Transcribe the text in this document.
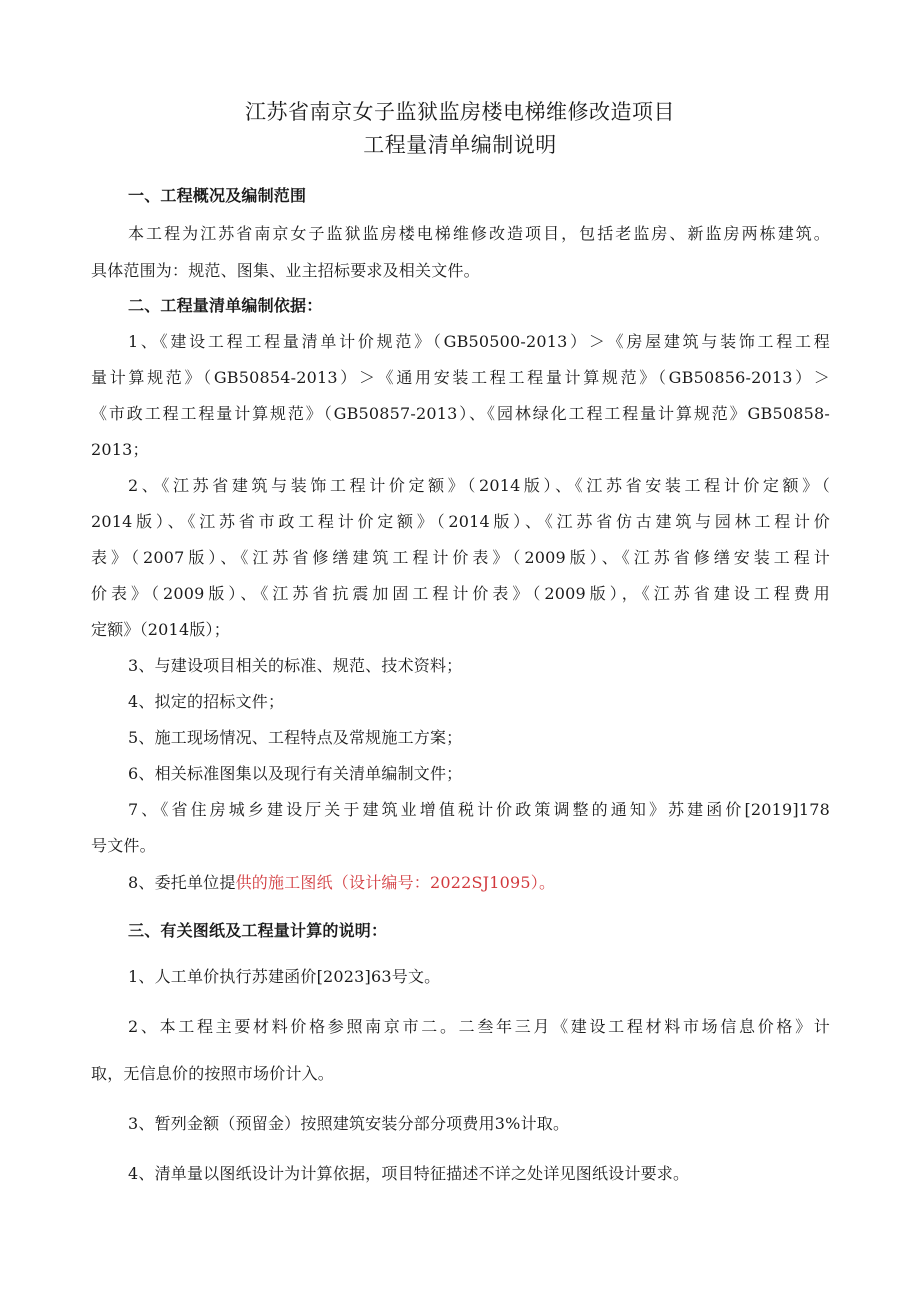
江苏省南京女子监狱监房楼电梯维修改造项目
工程量清单编制说明
一、工程概况及编制范围
本工程为江苏省南京女子监狱监房楼电梯维修改造项目，包括老监房、新监房两栋建筑。
具体范围为：规范、图集、业主招标要求及相关文件。
二、工程量清单编制依据：
1、《建设工程工程量清单计价规范》（GB50500-2013）＞《房屋建筑与装饰工程工程
量计算规范》（GB50854-2013）＞《通用安装工程工程量计算规范》（GB50856-2013）＞
《市政工程工程量计算规范》（GB50857-2013）、《园林绿化工程工程量计算规范》GB50858-
2013；
2、《江苏省建筑与装饰工程计价定额》（2014版）、《江苏省安装工程计价定额》（
2014版）、《江苏省市政工程计价定额》（2014版）、《江苏省仿古建筑与园林工程计价
表》（2007版）、《江苏省修缮建筑工程计价表》（2009版）、《江苏省修缮安装工程计
价表》（2009版）、《江苏省抗震加固工程计价表》（2009版），《江苏省建设工程费用
定额》（2014版）；
3、与建设项目相关的标准、规范、技术资料；
4、拟定的招标文件；
5、施工现场情况、工程特点及常规施工方案；
6、相关标准图集以及现行有关清单编制文件；
7、《省住房城乡建设厅关于建筑业增值税计价政策调整的通知》苏建函价[2019]178
号文件。
8、委托单位提供的施工图纸（设计编号：2022SJ1095）。
三、有关图纸及工程量计算的说明：
1、人工单价执行苏建函价[2023]63号文。
2、本工程主要材料价格参照南京市二。二叁年三月《建设工程材料市场信息价格》计
取，无信息价的按照市场价计入。
3、暂列金额（预留金）按照建筑安装分部分项费用3%计取。
4、清单量以图纸设计为计算依据，项目特征描述不详之处详见图纸设计要求。
